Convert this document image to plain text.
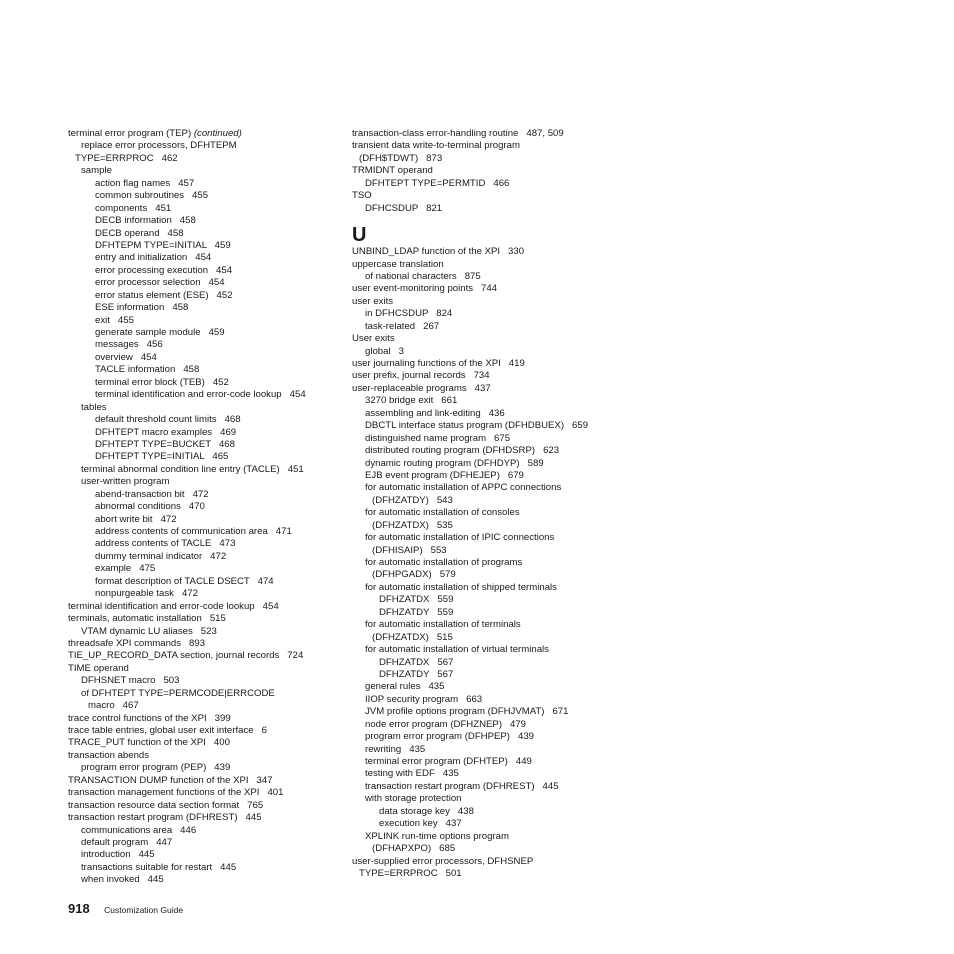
terminal error program (TEP) (continued)
replace error processors, DFHTEPM
TYPE=ERRPROC   462
sample
action flag names   457
common subroutines   455
components   451
DECB information   458
DECB operand   458
DFHTEPM TYPE=INITIAL   459
entry and initialization   454
error processing execution   454
error processor selection   454
error status element (ESE)   452
ESE information   458
exit   455
generate sample module   459
messages   456
overview   454
TACLE information   458
terminal error block (TEB)   452
terminal identification and error-code lookup   454
tables
default threshold count limits   468
DFHTEPT macro examples   469
DFHTEPT TYPE=BUCKET   468
DFHTEPT TYPE=INITIAL   465
terminal abnormal condition line entry (TACLE)   451
user-written program
abend-transaction bit   472
abnormal conditions   470
abort write bit   472
address contents of communication area   471
address contents of TACLE   473
dummy terminal indicator   472
example   475
format description of TACLE DSECT   474
nonpurgeable task   472
terminal identification and error-code lookup   454
terminals, automatic installation   515
VTAM dynamic LU aliases   523
threadsafe XPI commands   893
TIE_UP_RECORD_DATA section, journal records   724
TIME operand
DFHSNET macro   503
of DFHTEPT TYPE=PERMCODE|ERRCODE
macro   467
trace control functions of the XPI   399
trace table entries, global user exit interface   6
TRACE_PUT function of the XPI   400
transaction abends
program error program (PEP)   439
TRANSACTION DUMP function of the XPI   347
transaction management functions of the XPI   401
transaction resource data section format   765
transaction restart program (DFHREST)   445
communications area   446
default program   447
introduction   445
transactions suitable for restart   445
when invoked   445
transaction-class error-handling routine   487, 509
transient data write-to-terminal program
(DFH$TDWT)   873
TRMIDNT operand
DFHTEPT TYPE=PERMTID   466
TSO
DFHCSDUP   821
U
UNBIND_LDAP function of the XPI   330
uppercase translation
of national characters   875
user event-monitoring points   744
user exits
in DFHCSDUP   824
task-related   267
User exits
global   3
user journaling functions of the XPI   419
user prefix, journal records   734
user-replaceable programs   437
3270 bridge exit   661
assembling and link-editing   436
DBCTL interface status program (DFHDBUEX)   659
distinguished name program   675
distributed routing program (DFHDSRP)   623
dynamic routing program (DFHDYP)   589
EJB event program (DFHEJEP)   679
for automatic installation of APPC connections
(DFHZATDY)   543
for automatic installation of consoles
(DFHZATDX)   535
for automatic installation of IPIC connections
(DFHISAIP)   553
for automatic installation of programs
(DFHPGADX)   579
for automatic installation of shipped terminals
DFHZATDX   559
DFHZATDY   559
for automatic installation of terminals
(DFHZATDX)   515
for automatic installation of virtual terminals
DFHZATDX   567
DFHZATDY   567
general rules   435
IIOP security program   663
JVM profile options program (DFHJVMAT)   671
node error program (DFHZNEP)   479
program error program (DFHPEP)   439
rewriting   435
terminal error program (DFHTEP)   449
testing with EDF   435
transaction restart program (DFHREST)   445
with storage protection
data storage key   438
execution key   437
XPLINK run-time options program
(DFHAPXPO)   685
user-supplied error processors, DFHSNEP
TYPE=ERRPROC   501
918 Customization Guide
